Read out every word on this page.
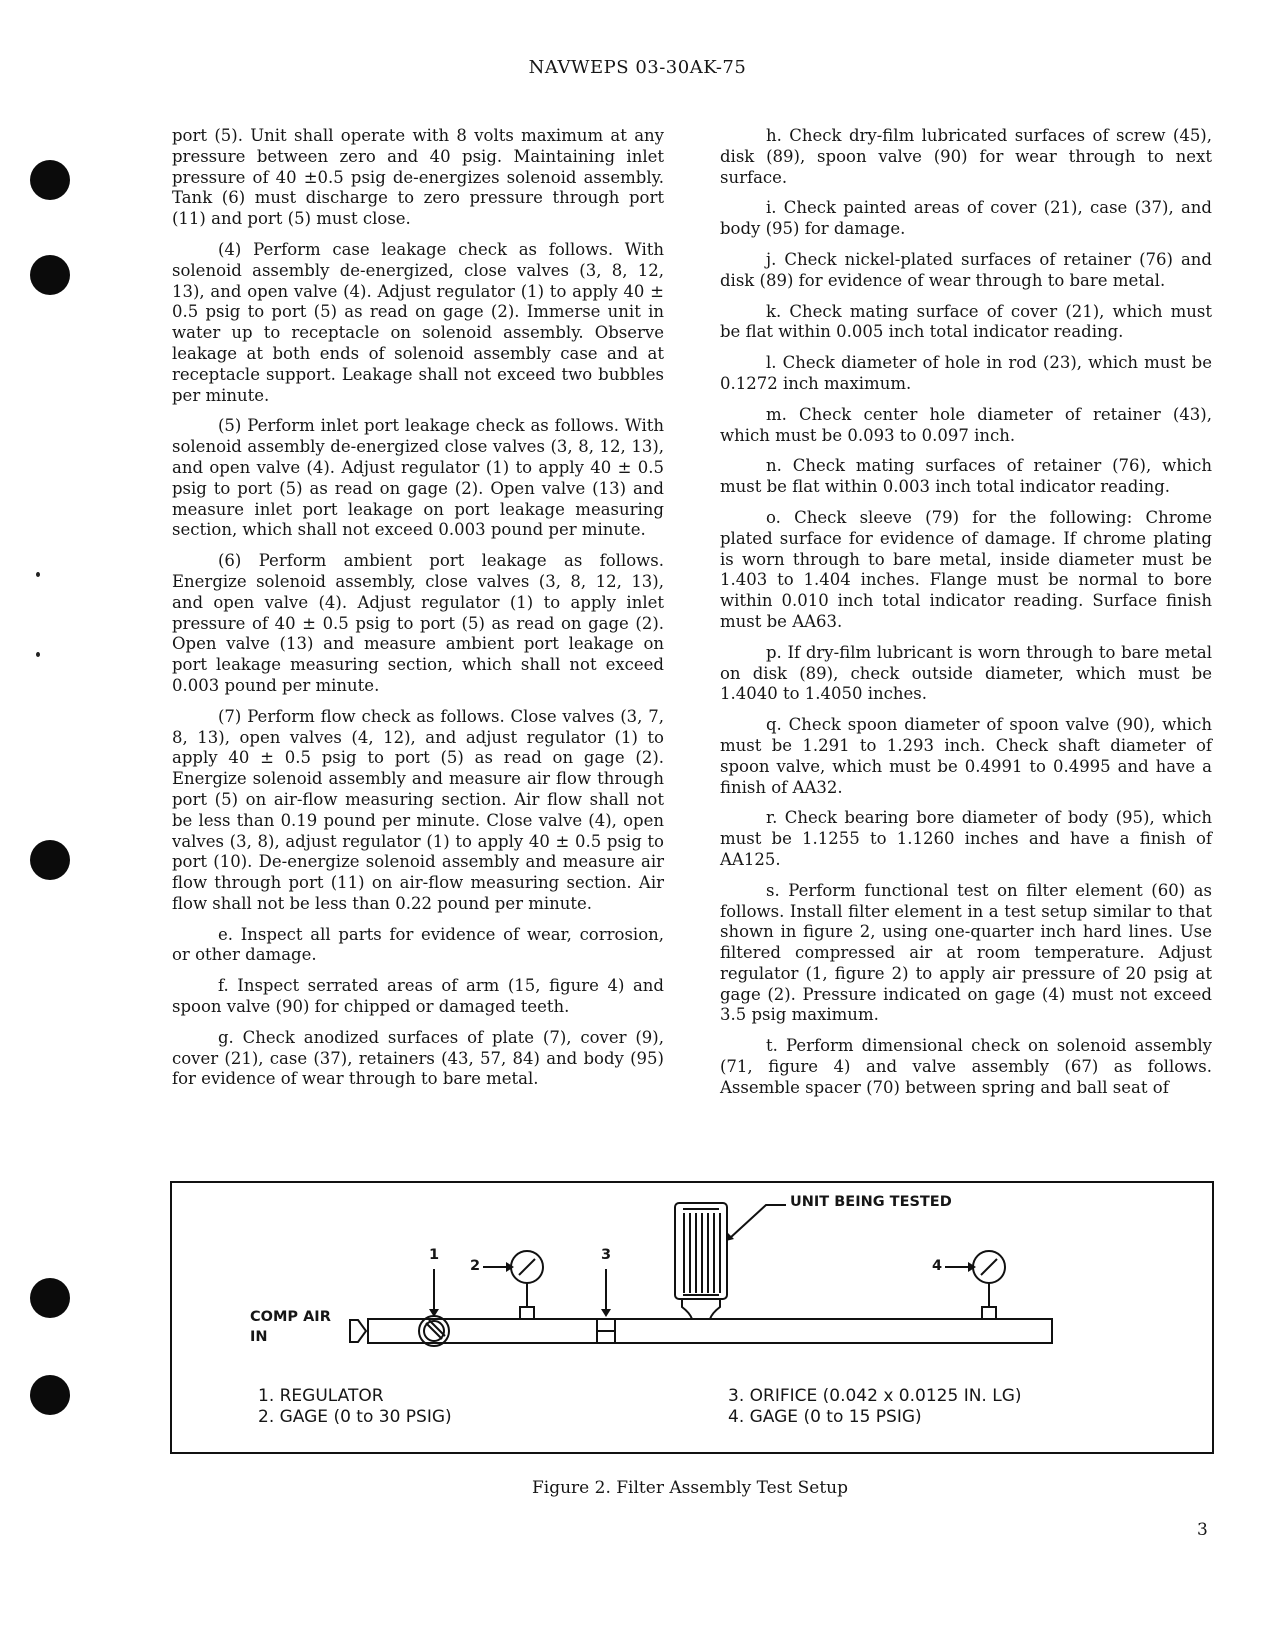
NAVWEPS 03-30AK-75

port (5). Unit shall operate with 8 volts maximum at any pressure between zero and 40 psig. Maintaining inlet pressure of 40 ±0.5 psig de-energizes solenoid assembly. Tank (6) must discharge to zero pressure through port (11) and port (5) must close.

(4) Perform case leakage check as follows. With solenoid assembly de-energized, close valves (3, 8, 12, 13), and open valve (4). Adjust regulator (1) to apply 40 ± 0.5 psig to port (5) as read on gage (2). Immerse unit in water up to receptacle on solenoid assembly. Observe leakage at both ends of solenoid assembly case and at receptacle support. Leakage shall not exceed two bubbles per minute.

(5) Perform inlet port leakage check as follows. With solenoid assembly de-energized close valves (3, 8, 12, 13), and open valve (4). Adjust regulator (1) to apply 40 ± 0.5 psig to port (5) as read on gage (2). Open valve (13) and measure inlet port leakage on port leakage measuring section, which shall not exceed 0.003 pound per minute.

(6) Perform ambient port leakage as follows. Energize solenoid assembly, close valves (3, 8, 12, 13), and open valve (4). Adjust regulator (1) to apply inlet pressure of 40 ± 0.5 psig to port (5) as read on gage (2). Open valve (13) and measure ambient port leakage on port leakage measuring section, which shall not exceed 0.003 pound per minute.

(7) Perform flow check as follows. Close valves (3, 7, 8, 13), open valves (4, 12), and adjust regulator (1) to apply 40 ± 0.5 psig to port (5) as read on gage (2). Energize solenoid assembly and measure air flow through port (5) on air-flow measuring section. Air flow shall not be less than 0.19 pound per minute. Close valve (4), open valves (3, 8), adjust regulator (1) to apply 40 ± 0.5 psig to port (10). De-energize solenoid assembly and measure air flow through port (11) on air-flow measuring section. Air flow shall not be less than 0.22 pound per minute.

e. Inspect all parts for evidence of wear, corrosion, or other damage.

f. Inspect serrated areas of arm (15, figure 4) and spoon valve (90) for chipped or damaged teeth.

g. Check anodized surfaces of plate (7), cover (9), cover (21), case (37), retainers (43, 57, 84) and body (95) for evidence of wear through to bare metal.

h. Check dry-film lubricated surfaces of screw (45), disk (89), spoon valve (90) for wear through to next surface.

i. Check painted areas of cover (21), case (37), and body (95) for damage.

j. Check nickel-plated surfaces of retainer (76) and disk (89) for evidence of wear through to bare metal.

k. Check mating surface of cover (21), which must be flat within 0.005 inch total indicator reading.

l. Check diameter of hole in rod (23), which must be 0.1272 inch maximum.

m. Check center hole diameter of retainer (43), which must be 0.093 to 0.097 inch.

n. Check mating surfaces of retainer (76), which must be flat within 0.003 inch total indicator reading.

o. Check sleeve (79) for the following: Chrome plated surface for evidence of damage. If chrome plating is worn through to bare metal, inside diameter must be 1.403 to 1.404 inches. Flange must be normal to bore within 0.010 inch total indicator reading. Surface finish must be AA63.

p. If dry-film lubricant is worn through to bare metal on disk (89), check outside diameter, which must be 1.4040 to 1.4050 inches.

q. Check spoon diameter of spoon valve (90), which must be 1.291 to 1.293 inch. Check shaft diameter of spoon valve, which must be 0.4991 to 0.4995 and have a finish of AA32.

r. Check bearing bore diameter of body (95), which must be 1.1255 to 1.1260 inches and have a finish of AA125.

s. Perform functional test on filter element (60) as follows. Install filter element in a test setup similar to that shown in figure 2, using one-quarter inch hard lines. Use filtered compressed air at room temperature. Adjust regulator (1, figure 2) to apply air pressure of 20 psig at gage (2). Pressure indicated on gage (4) must not exceed 3.5 psig maximum.

t. Perform dimensional check on solenoid assembly (71, figure 4) and valve assembly (67) as follows. Assemble spacer (70) between spring and ball seat of

UNIT BEING TESTED
COMP AIR
IN
1
2
3
4
1. REGULATOR
2. GAGE (0 to 30 PSIG)
3. ORIFICE (0.042 x 0.0125 IN. LG)
4. GAGE (0 to 15 PSIG)
Figure 2. Filter Assembly Test Setup
3
